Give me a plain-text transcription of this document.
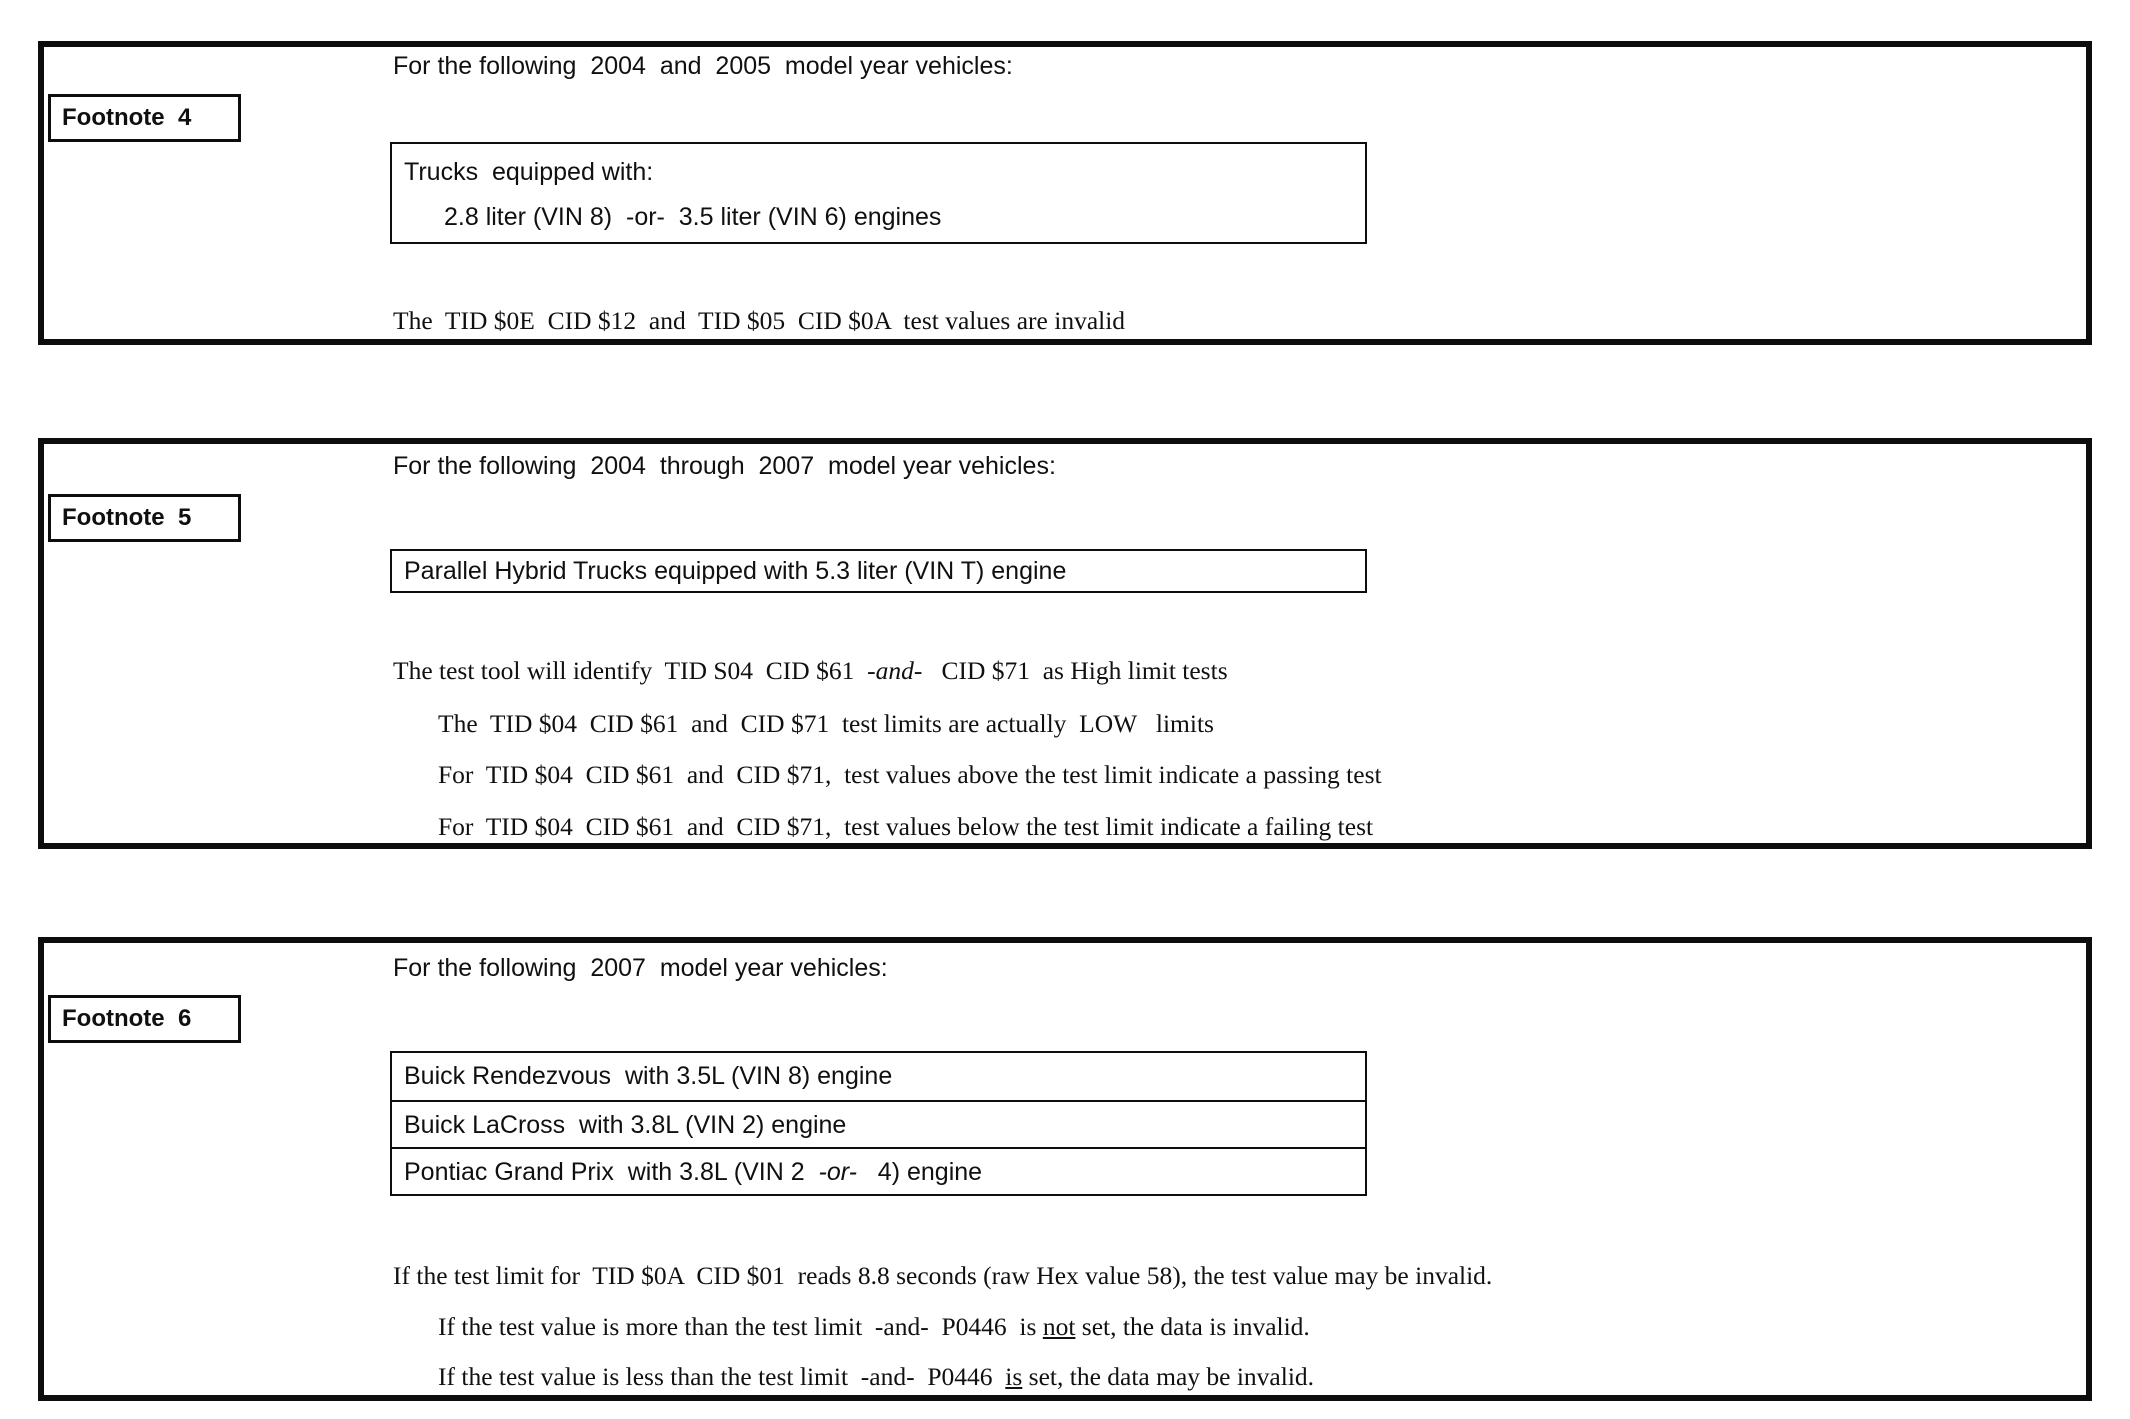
For the following  2004  and  2005  model year vehicles:
Footnote  4
Trucks  equipped with:
2.8 liter (VIN 8)  -or-  3.5 liter (VIN 6) engines
The  TID $0E  CID $12  and  TID $05  CID $0A  test values are invalid
For the following  2004  through  2007  model year vehicles:
Footnote  5
Parallel Hybrid Trucks equipped with 5.3 liter (VIN T) engine
The test tool will identify  TID S04  CID $61  -and-   CID $71  as High limit tests
The  TID $04  CID $61  and  CID $71  test limits are actually  LOW   limits
For  TID $04  CID $61  and  CID $71,  test values above the test limit indicate a passing test
For  TID $04  CID $61  and  CID $71,  test values below the test limit indicate a failing test
For the following  2007  model year vehicles:
Footnote  6
Buick Rendezvous  with 3.5L (VIN 8) engine
Buick LaCross  with 3.8L (VIN 2) engine
Pontiac Grand Prix  with 3.8L (VIN 2  -or-   4) engine
If the test limit for  TID $0A  CID $01  reads 8.8 seconds (raw Hex value 58), the test value may be invalid.
If the test value is more than the test limit  -and-  P0446  is not set, the data is invalid.
If the test value is less than the test limit  -and-  P0446  is set, the data may be invalid.
